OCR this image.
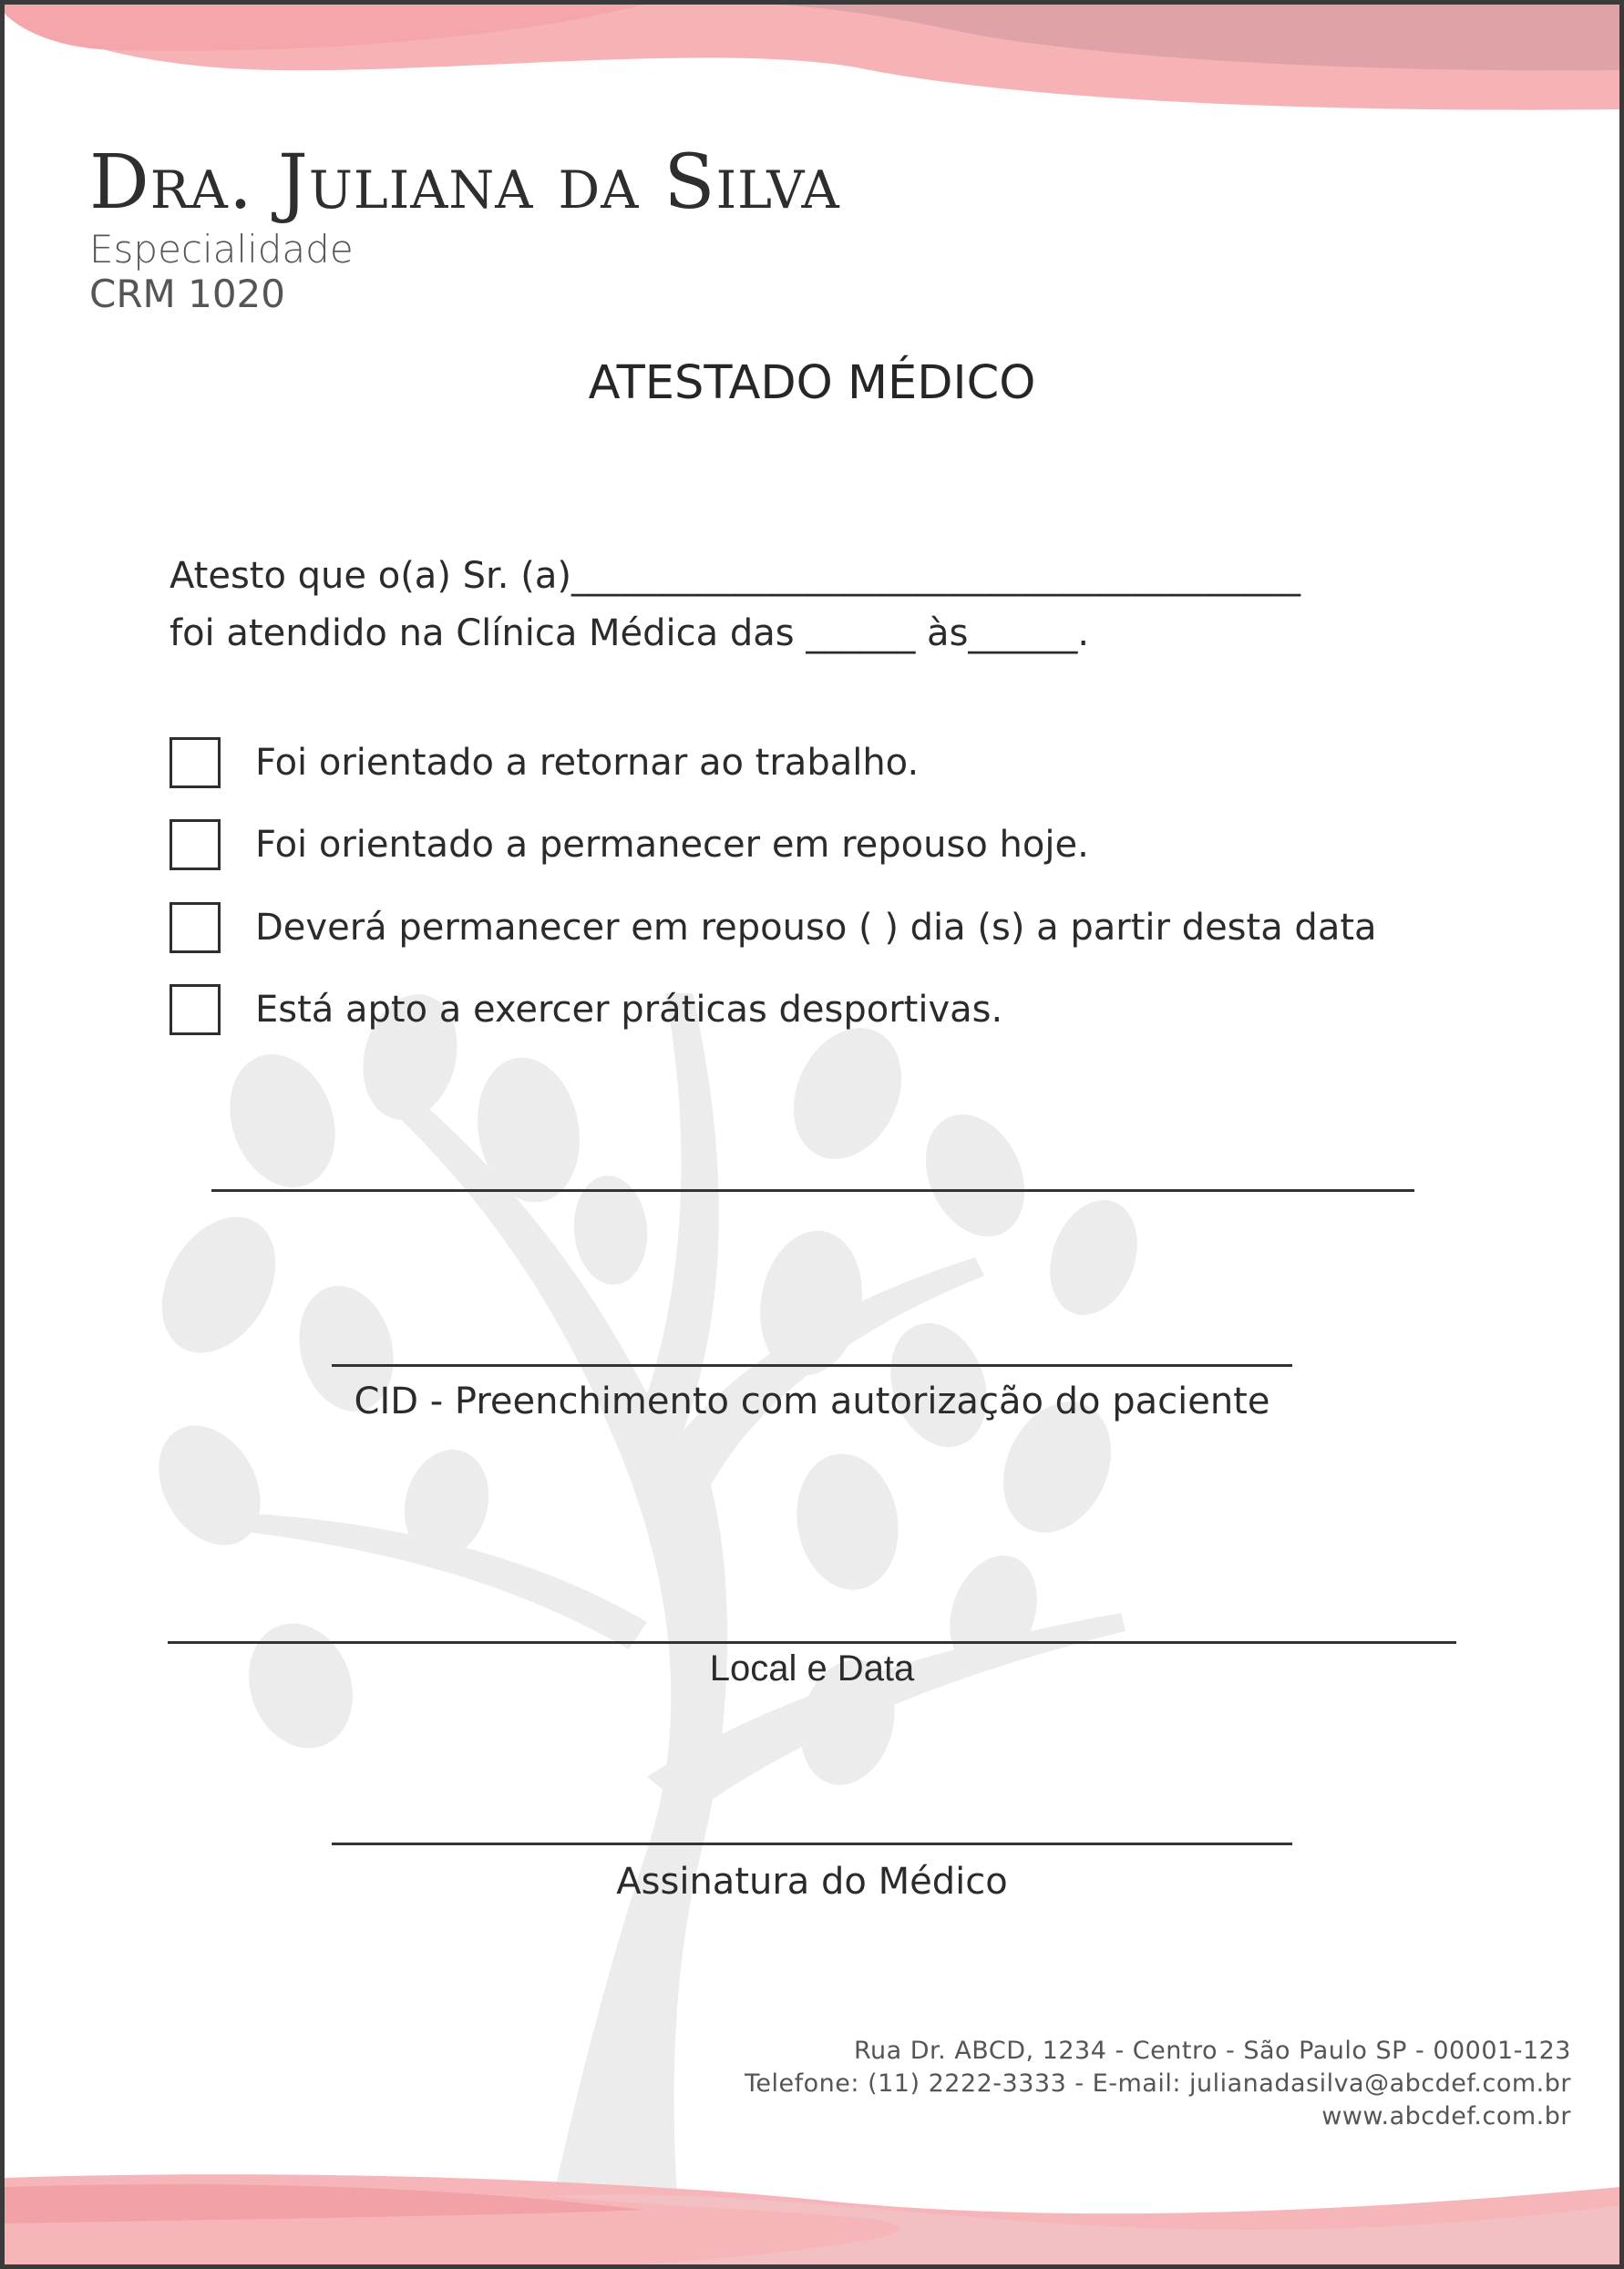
Dra. Juliana da Silva
Especialidade
CRM 1020
ATESTADO MÉDICO
Atesto que o(a) Sr. (a)________________________________________
foi atendido na Clínica Médica das ______ às______.
Foi orientado a retornar ao trabalho.
Foi orientado a permanecer em repouso hoje.
Deverá permanecer em repouso ( ) dia (s) a partir desta data
Está apto a exercer práticas desportivas.
CID - Preenchimento com autorização do paciente
Local e Data
Assinatura do Médico
Rua Dr. ABCD, 1234 - Centro - São Paulo SP - 00001-123
Telefone: (11) 2222-3333 - E-mail: julianadasilva@abcdef.com.br
www.abcdef.com.br
